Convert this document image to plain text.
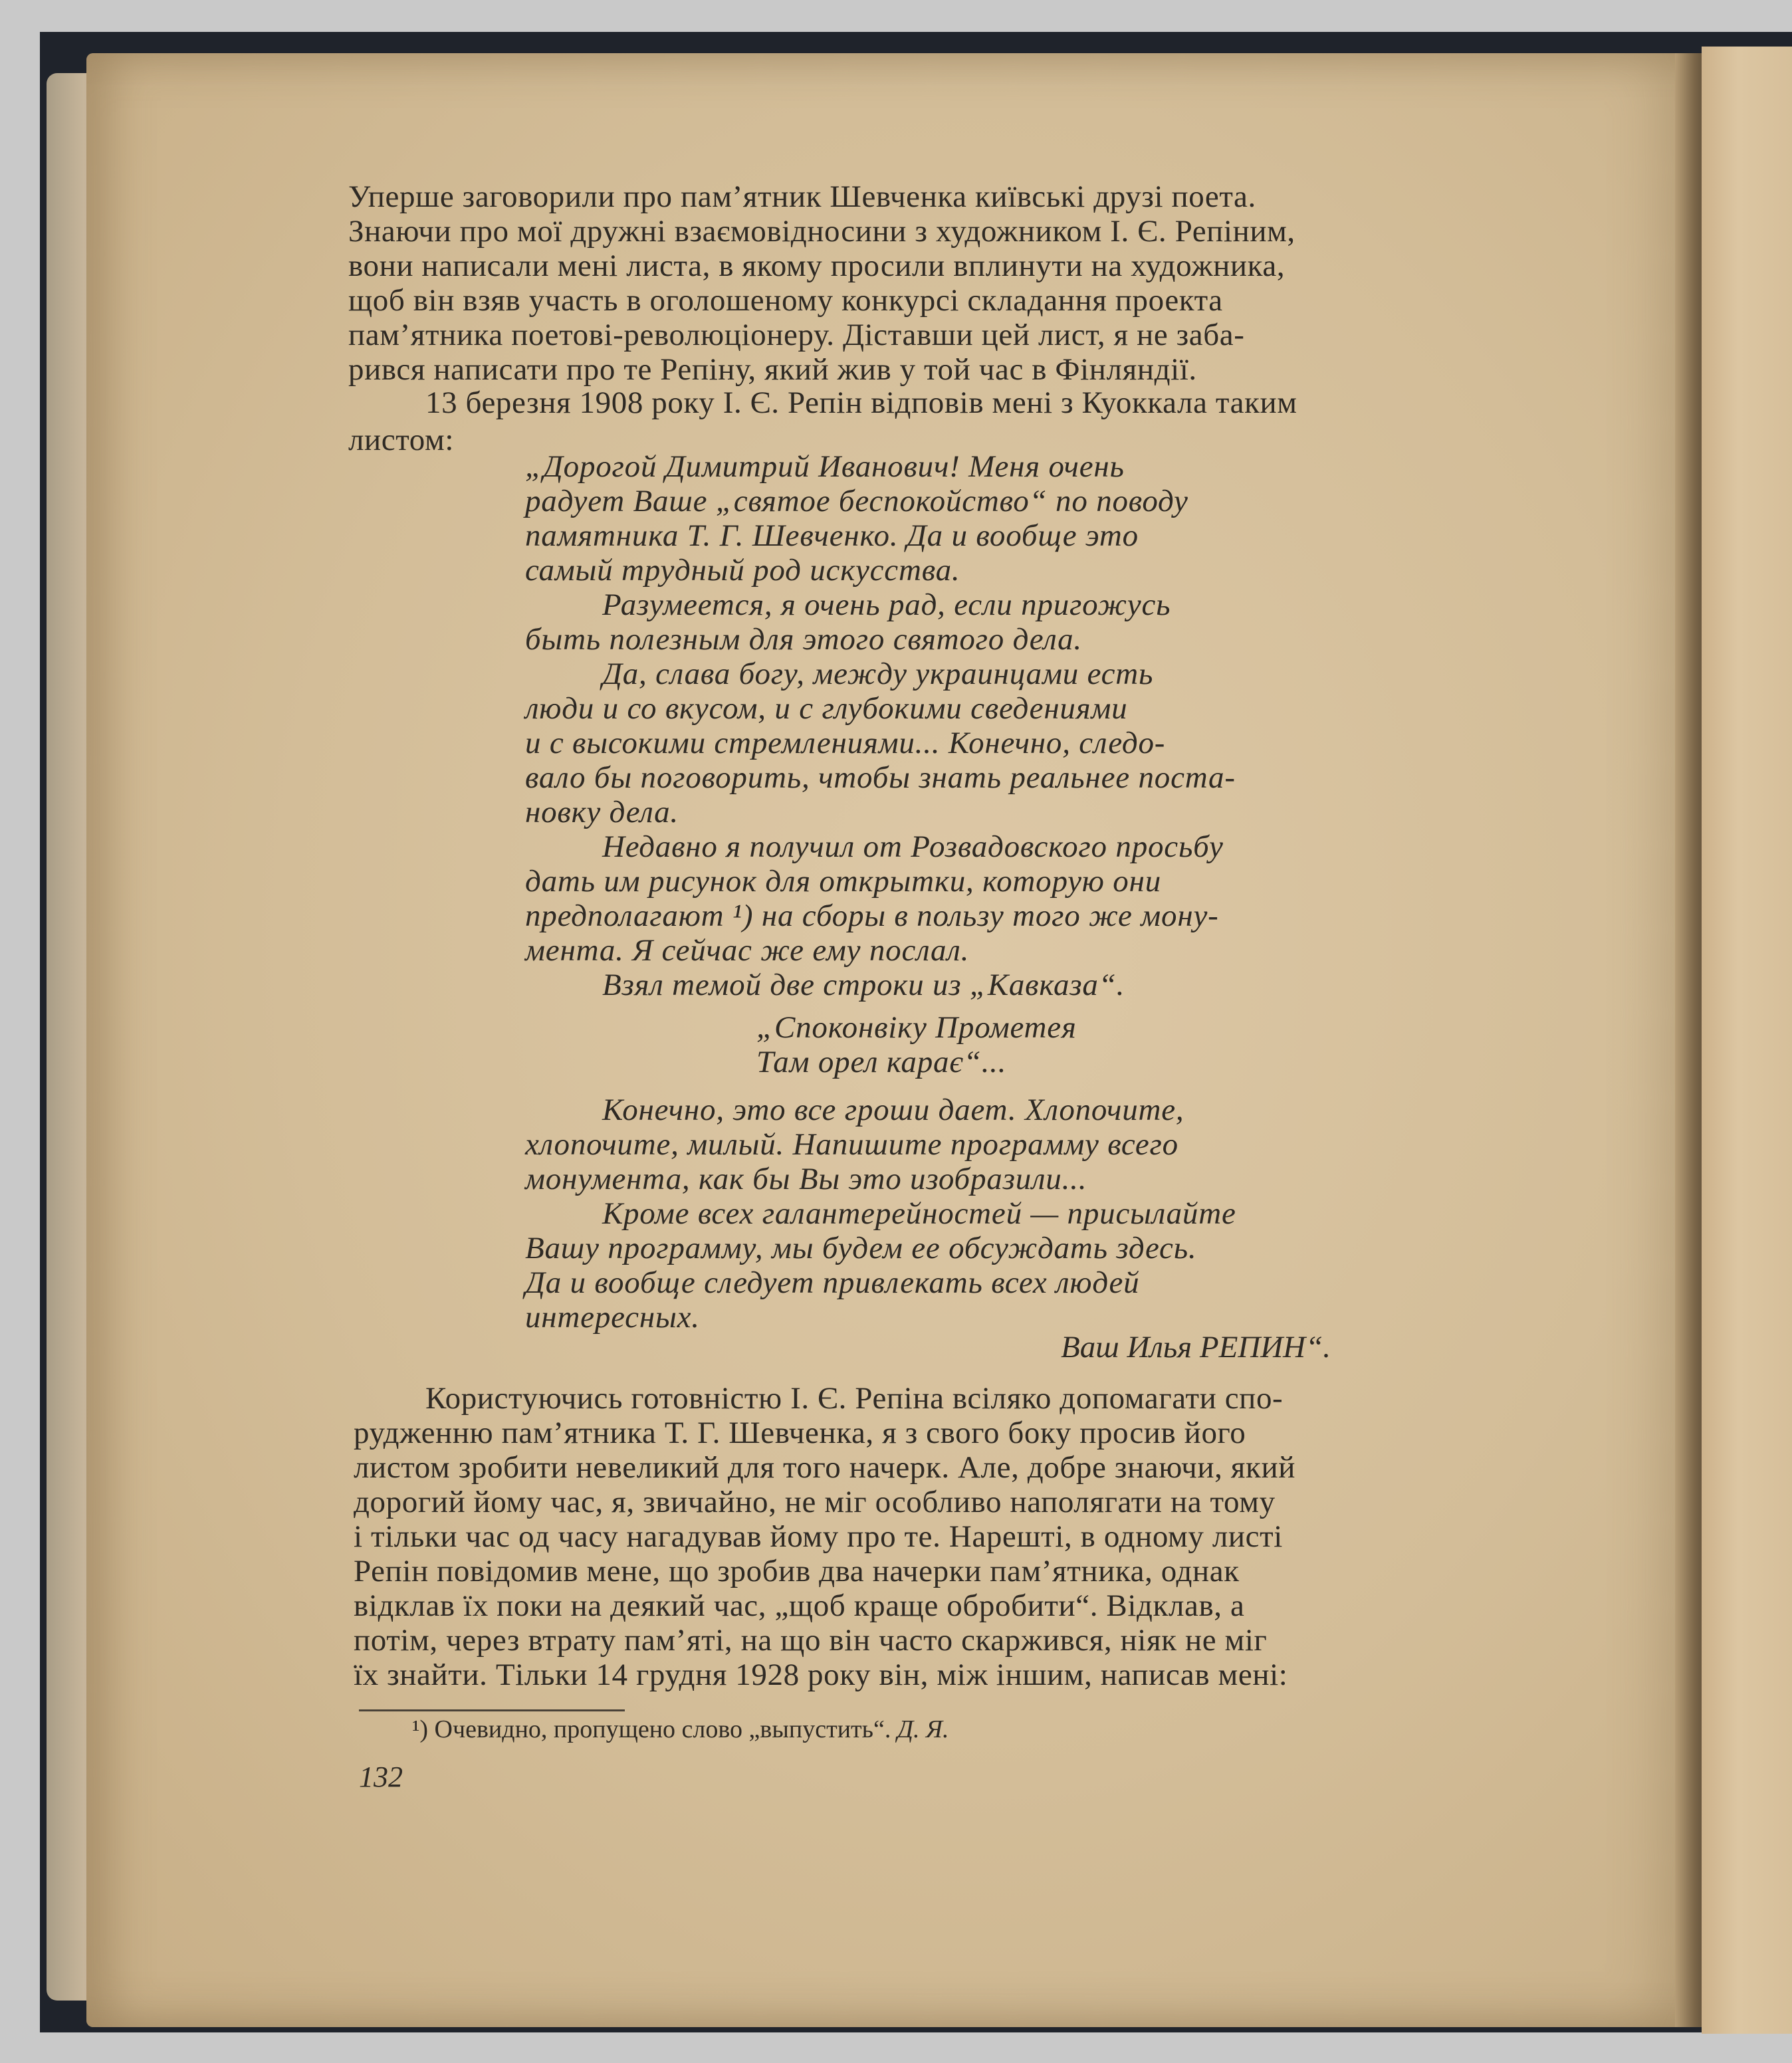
Уперше заговорили про пам’ятник Шевченка київські друзі поета.
Знаючи про мої дружні взаємовідносини з художником І. Є. Репіним,
вони написали мені листа, в якому просили вплинути на художника,
щоб він взяв участь в оголошеному конкурсі складання проекта
пам’ятника поетові-революціонеру. Діставши цей лист, я не заба-
рився написати про те Репіну, який жив у той час в Фінляндії.
13 березня 1908 року І. Є. Репін відповів мені з Куоккала таким
листом:
„Дорогой Димитрий Иванович! Меня очень
радует Ваше „святое беспокойство“ по поводу
памятника Т. Г. Шевченко. Да и вообще это
самый трудный род искусства.
Разумеется, я очень рад, если пригожусь
быть полезным для этого святого дела.
Да, слава богу, между украинцами есть
люди и со вкусом, и с глубокими сведениями
и с высокими стремлениями... Конечно, следо-
вало бы поговорить, чтобы знать реальнее поста-
новку дела.
Недавно я получил от Розвадовского просьбу
дать им рисунок для открытки, которую они
предполагают ¹) на сборы в пользу того же мону-
мента. Я сейчас же ему послал.
Взял темой две строки из „Кавказа“.
„Споконвіку Прометея
Там орел карає“...
Конечно, это все гроши дает. Хлопочите,
хлопочите, милый. Напишите программу всего
монумента, как бы Вы это изобразили...
Кроме всех галантерейностей — присылайте
Вашу программу, мы будем ее обсуждать здесь.
Да и вообще следует привлекать всех людей
интересных.
Ваш Илья РЕПИН“.
Користуючись готовністю І. Є. Репіна всіляко допомагати спо-
рудженню пам’ятника Т. Г. Шевченка, я з свого боку просив його
листом зробити невеликий для того начерк. Але, добре знаючи, який
дорогий йому час, я, звичайно, не міг особливо наполягати на тому
і тільки час од часу нагадував йому про те. Нарешті, в одному листі
Репін повідомив мене, що зробив два начерки пам’ятника, однак
відклав їх поки на деякий час, „щоб краще обробити“. Відклав, а
потім, через втрату пам’яті, на що він часто скаржився, ніяк не міг
їх знайти. Тільки 14 грудня 1928 року він, між іншим, написав мені:
¹) Очевидно, пропущено слово „выпустить“. Д. Я.
132
